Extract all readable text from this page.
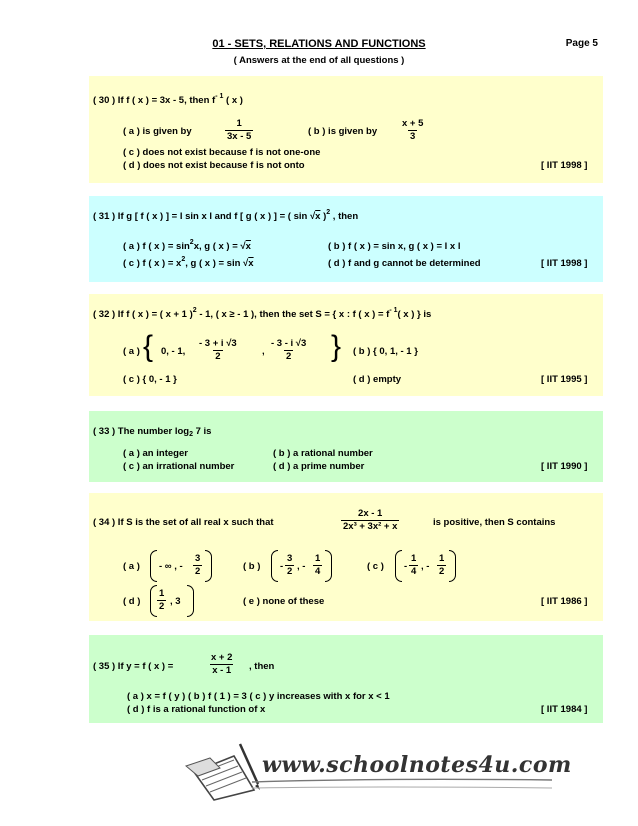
01 - SETS, RELATIONS AND FUNCTIONS	Page 5
( Answers at the end of all questions )
( 30 ) If f ( x ) = 3x - 5, then $f^{- 1}$ ( x )
( a ) is given by	$\frac{1}{3x - 5}$	( b ) is given by $\frac{x + 5}{3}$
( c ) does not exist because f is not one-one
( d ) does not exist because f is not onto	[ IIT 1998 ]
( 31 ) If g [ f ( x ) ] = l sin x l and f [ g ( x ) ] = ( sin √x )$^2$ , then
( a ) f ( x ) = $\sin^2x$, g ( x ) = √x	( b ) f ( x ) = sin x, g ( x ) = l x l
( c ) f ( x ) = $x^2$, g ( x ) = sin √x	( d ) f and g cannot be determined	[ IIT 1998 ]
( 32 ) If f ( x ) = ( x + 1 )$^2$ - 1, ( x ≥ - 1 ), then the set S = { x : f ( x ) = $f^{- 1}$( x ) } is
( a ) { 0, - 1, $\frac{- 3 + i √3}{2}$ , $\frac{- 3 - i √3}{2}$ } ( b ) { 0, 1, - 1 }
( c ) { 0, - 1 }	( d ) empty	[ IIT 1995 ]
( 33 ) The number $\log_2 7$ is
( a ) an integer	( b ) a rational number
( c ) an irrational number	( d ) a prime number	[ IIT 1990 ]
( 34 ) If S is the set of all real x such that	$\frac{2x - 1}{\text{2x³ + 3x² + x}}$	is positive, then S contains
( a ) - ∞ , - $\frac{3}{2}$	( b ) - $\frac{3}{2}$ , - $\frac{1}{4}$	( c ) - $\frac{1}{4}$ , - $\frac{1}{2}$
( d ) $\frac{1}{2}$ , 3	( e ) none of these	[ IIT 1986 ]
( 35 ) If y = f ( x ) =	$\frac{x + 2}{x - 1}$ , then
( a ) x = f ( y ) ( b ) f ( 1 ) = 3 ( c ) y increases with x for x < 1
( d ) f is a rational function of x	[ IIT 1984 ]
www.schoolnotes4u.com
